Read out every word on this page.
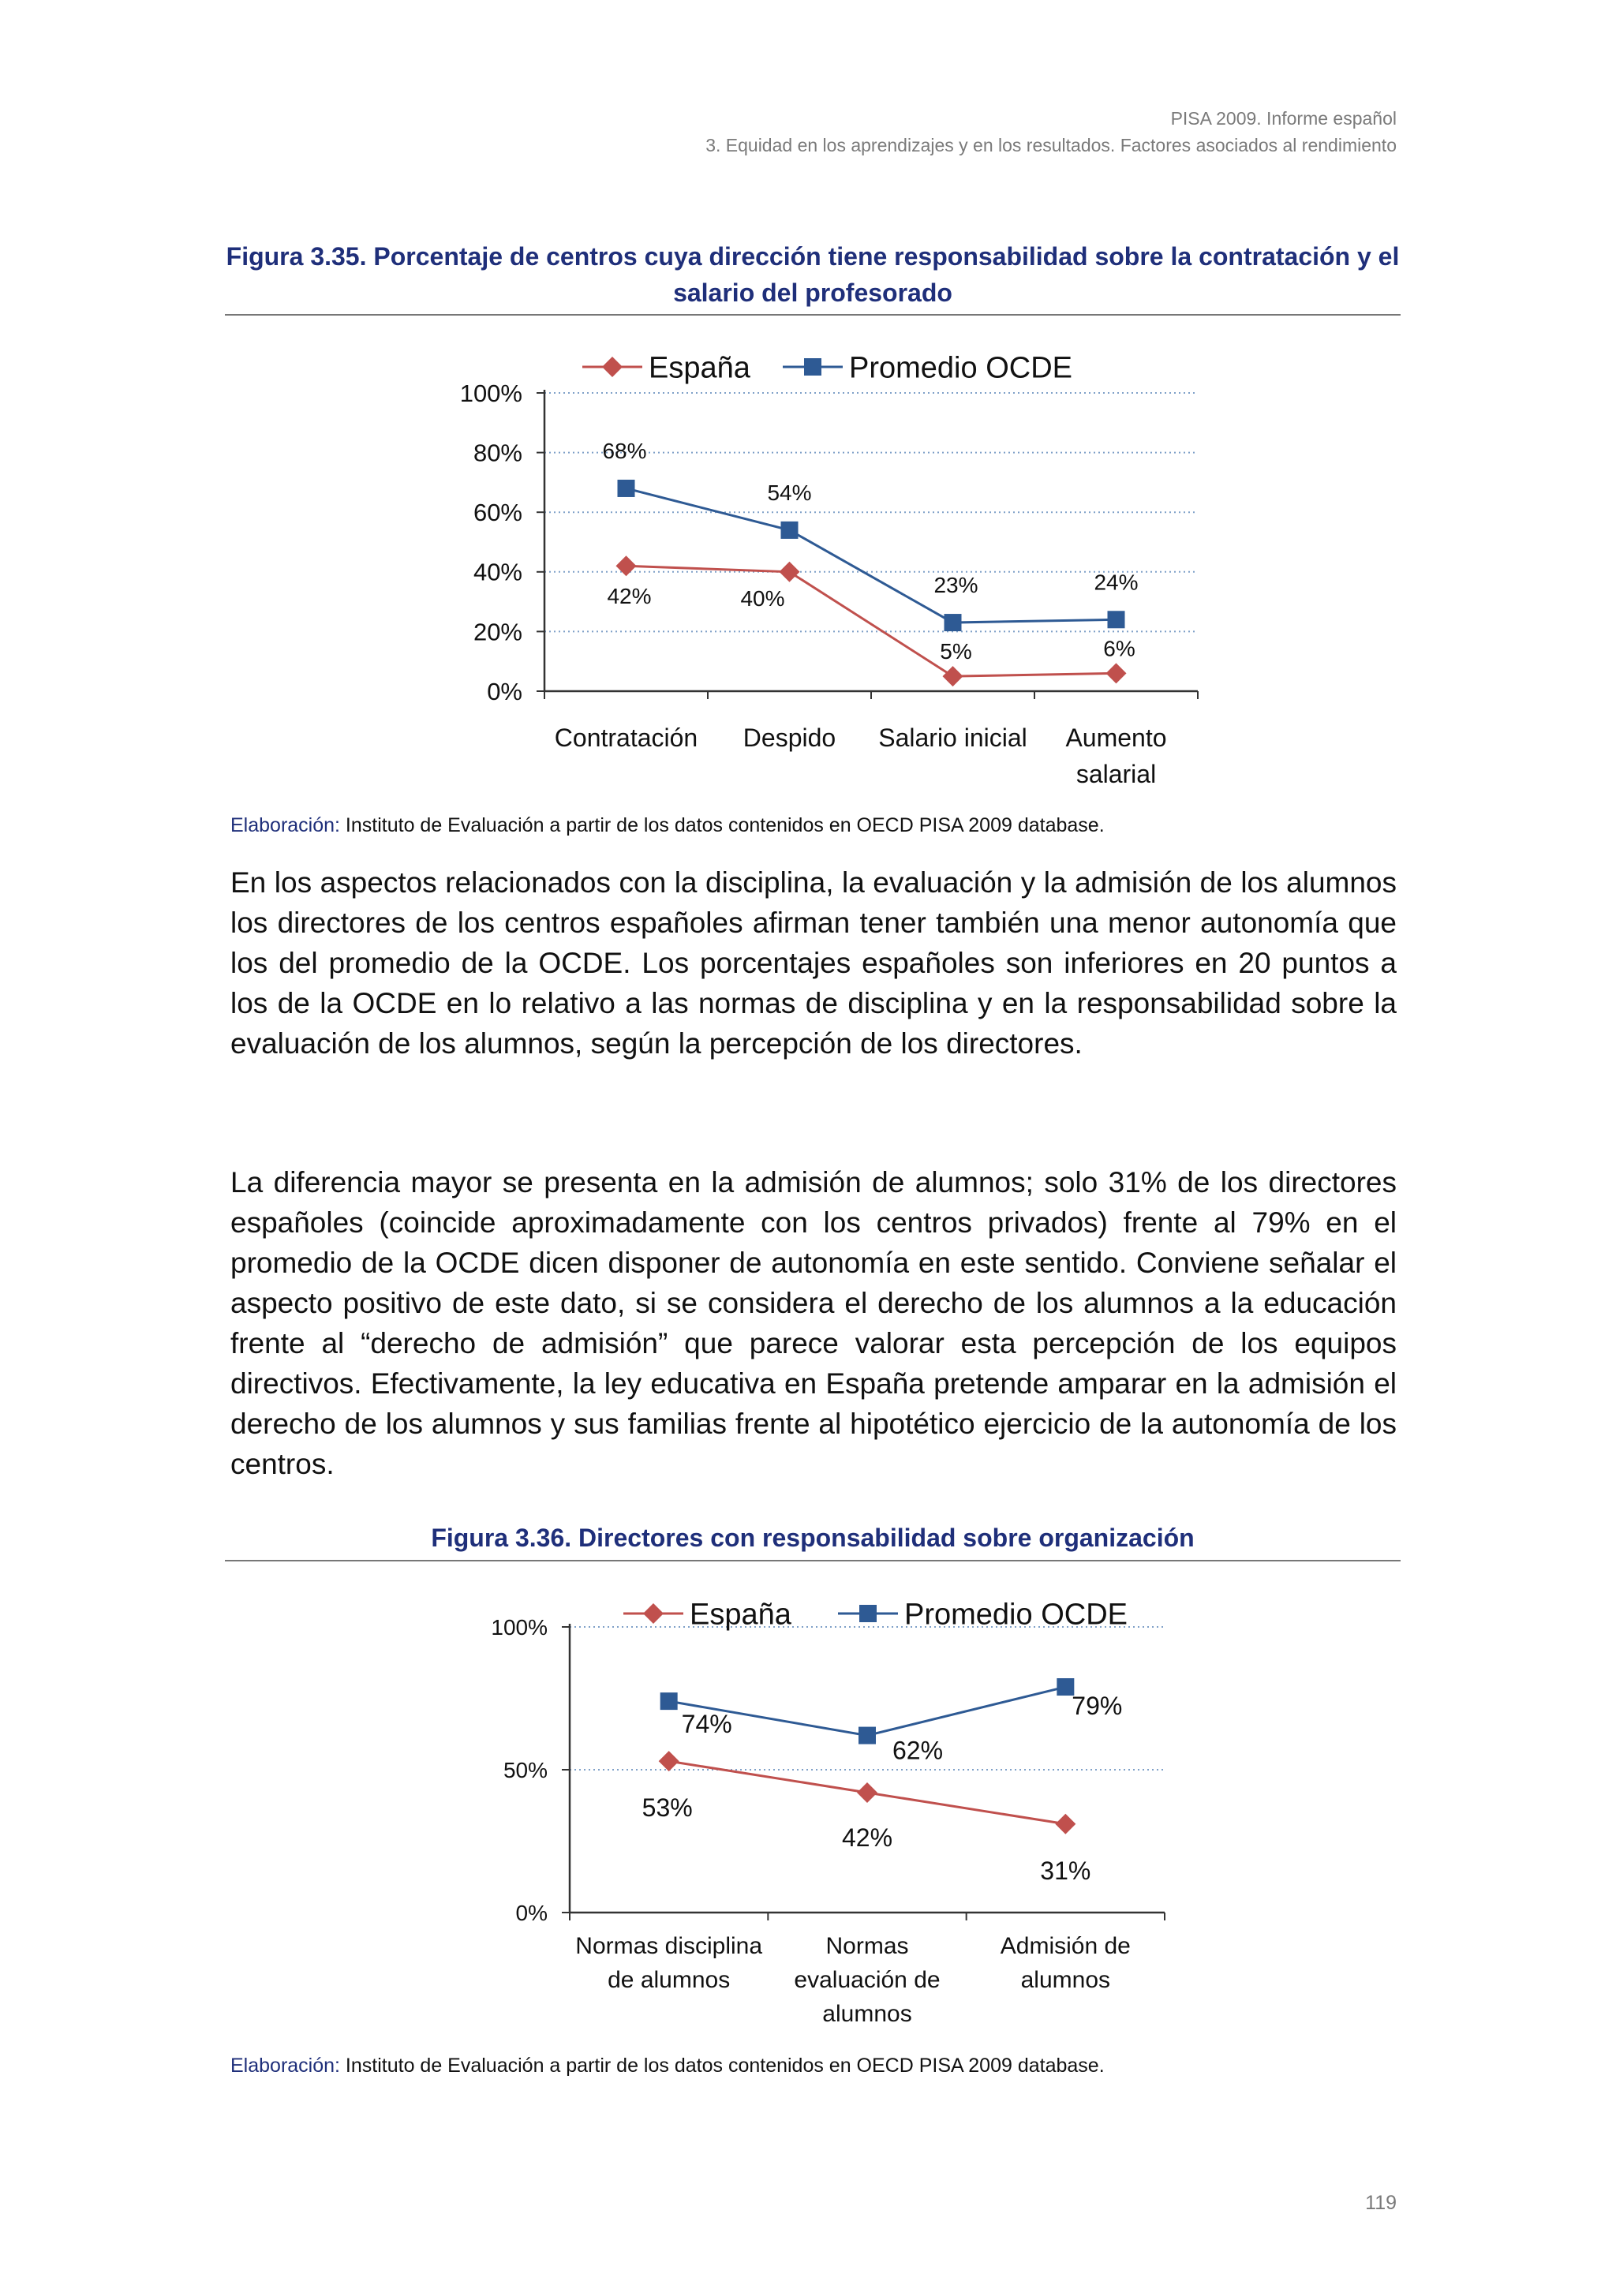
PISA 2009. Informe español
3. Equidad en los aprendizajes y en los resultados. Factores asociados al rendimiento
Figura 3.35. Porcentaje de centros cuya dirección tiene responsabilidad sobre la contratación y el salario del profesorado
0%
20%
40%
60%
80%
100%
Contratación Despido Salario inicial Aumento
salarial
42%	40%
5%	6%
68%
54%
23%	24%
España	Promedio OCDE
Elaboración: Instituto de Evaluación a partir de los datos contenidos en OECD PISA 2009 database.

En los aspectos relacionados con la disciplina, la evaluación y la admisión de los alumnos los directores de los centros españoles afirman tener también una menor autonomía que los del promedio de la OCDE. Los porcentajes españoles son inferiores en 20 puntos a los de la OCDE en lo relativo a las normas de disciplina y en la responsabilidad sobre la evaluación de los alumnos, según la percepción de los directores.

La diferencia mayor se presenta en la admisión de alumnos; solo 31% de los directores españoles (coincide aproximadamente con los centros privados) frente al 79% en el promedio de la OCDE dicen disponer de autonomía en este sentido. Conviene señalar el aspecto positivo de este dato, si se considera el derecho de los alumnos a la educación frente al “derecho de admisión” que parece valorar esta percepción de los equipos directivos. Efectivamente, la ley educativa en España pretende amparar en la admisión el derecho de los alumnos y sus familias frente al hipotético ejercicio de la autonomía de los centros.

Figura 3.36. Directores con responsabilidad sobre organización
0%
50%
100%
Normas disciplina
de alumnos
Normas
evaluación de
alumnos
Admisión de
alumnos
53%
42%
31%
74%
62%
79%
España	Promedio OCDE
Elaboración: Instituto de Evaluación a partir de los datos contenidos en OECD PISA 2009 database.
119
